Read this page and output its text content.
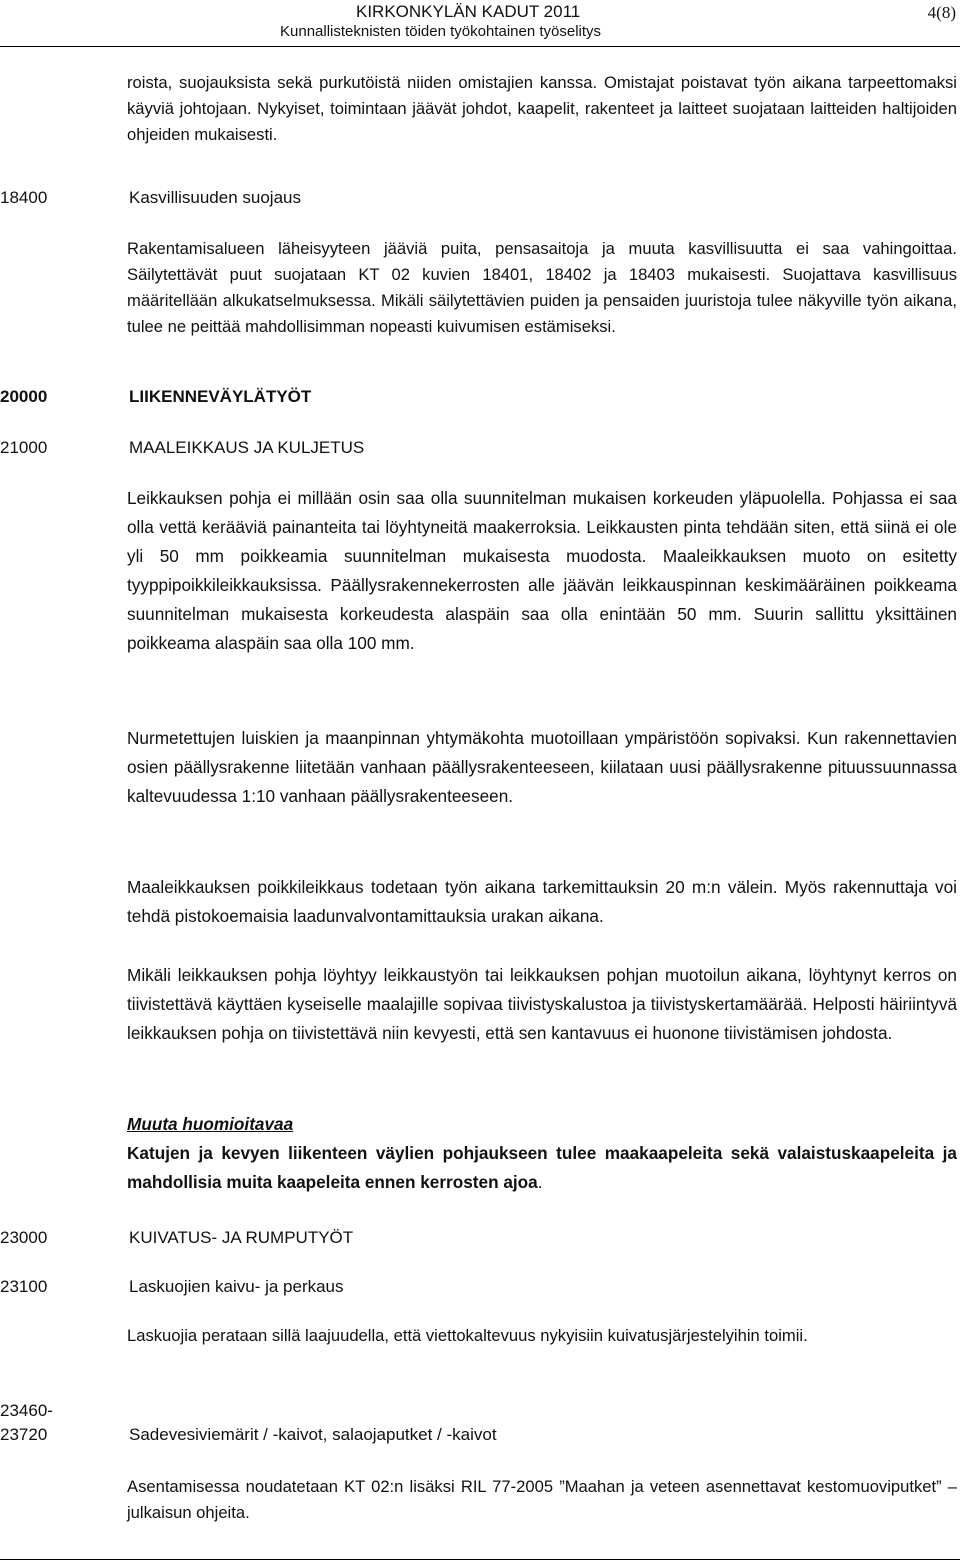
KIRKONKYLÄN KADUT 2011
Kunnallisteknisten töiden työkohtainen työselitys
4(8)
roista, suojauksista sekä purkutöistä niiden omistajien kanssa. Omistajat poistavat työn aikana tarpeettomaksi käyviä johtojaan. Nykyiset, toimintaan jäävät johdot, kaapelit, rakenteet ja laitteet suojataan laitteiden haltijoiden ohjeiden mukaisesti.
18400	Kasvillisuuden suojaus
Rakentamisalueen läheisyyteen jääviä puita, pensasaitoja ja muuta kasvillisuutta ei saa vahingoittaa. Säilytettävät puut suojataan KT 02 kuvien 18401, 18402 ja 18403 mukaisesti. Suojattava kasvillisuus määritellään alkukatselmuksessa. Mikäli säilytettävien puiden ja pensaiden juuristoja tulee näkyville työn aikana, tulee ne peittää mahdollisimman nopeasti kuivumisen estämiseksi.
20000	LIIKENNEVÄYLÄTYÖT
21000	MAALEIKKAUS JA KULJETUS
Leikkauksen pohja ei millään osin saa olla suunnitelman mukaisen korkeuden yläpuolella. Pohjassa ei saa olla vettä kerääviä painanteita tai löyhtyneitä maakerroksia. Leikkausten pinta tehdään siten, että siinä ei ole yli 50 mm poikkeamia suunnitelman mukaisesta muodosta. Maaleikkauksen muoto on esitetty tyyppipoikkileikkauksissa. Päällysrakennekerrosten alle jäävän leikkauspinnan keskimääräinen poikkeama suunnitelman mukaisesta korkeudesta alaspäin saa olla enintään 50 mm. Suurin sallittu yksittäinen poikkeama alaspäin saa olla 100 mm.
Nurmetettujen luiskien ja maanpinnan yhtymäkohta muotoillaan ympäristöön sopivaksi. Kun rakennettavien osien päällysrakenne liitetään vanhaan päällysrakenteeseen, kiilataan uusi päällysrakenne pituussuunnassa kaltevuudessa 1:10 vanhaan päällysrakenteeseen.
Maaleikkauksen poikkileikkaus todetaan työn aikana tarkemittauksin 20 m:n välein. Myös rakennuttaja voi tehdä pistokoemaisia laadunvalvontamittauksia urakan aikana.
Mikäli leikkauksen pohja löyhtyy leikkaustyön tai leikkauksen pohjan muotoilun aikana, löyhtynyt kerros on tiivistettävä käyttäen kyseiselle maalajille sopivaa tiivistyskalustoa ja tiivistyskertamäärää. Helposti häiriintyvä leikkauksen pohja on tiivistettävä niin kevyesti, että sen kantavuus ei huonone tiivistämisen johdosta.
Muuta huomioitavaa
Katujen ja kevyen liikenteen väylien pohjaukseen tulee maakaapeleita sekä valaistuskaapeleita ja mahdollisia muita kaapeleita ennen kerrosten ajoa.
23000	KUIVATUS- JA RUMPUTYÖT
23100	Laskuojien kaivu- ja perkaus
Laskuojia perataan sillä laajuudella, että viettokaltevuus nykyisiin kuivatusjärjestelyihin toimii.
23460-
23720	Sadevesiviemärit / -kaivot, salaojaputket / -kaivot
Asentamisessa noudatetaan KT 02:n lisäksi RIL 77-2005 ”Maahan ja veteen asennettavat kestomuoviputket” – julkaisun ohjeita.
